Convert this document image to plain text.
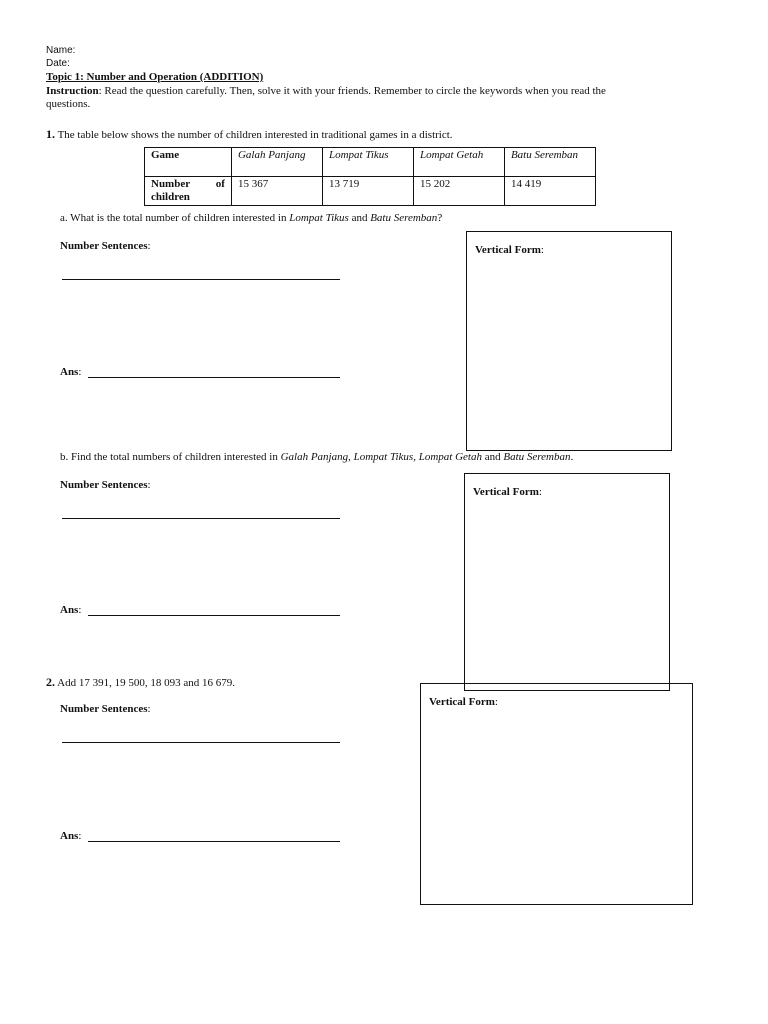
Name:
Date:
Topic 1: Number and Operation (ADDITION)
Instruction: Read the question carefully. Then, solve it with your friends. Remember to circle the keywords when you read the
questions.
1. The table below shows the number of children interested in traditional games in a district.
Game	Galah Panjang	Lompat Tikus	Lompat Getah	Batu Seremban

Number of
children	15 367	13 719	15 202	14 419
a. What is the total number of children interested in Lompat Tikus and Batu Seremban?
Number Sentences:
Ans:
Vertical Form:
b. Find the total numbers of children interested in Galah Panjang, Lompat Tikus, Lompat Getah and Batu Seremban.
Number Sentences:
Ans:
Vertical Form:
2. Add 17 391, 19 500, 18 093 and 16 679.
Number Sentences:
Ans:
Vertical Form:
